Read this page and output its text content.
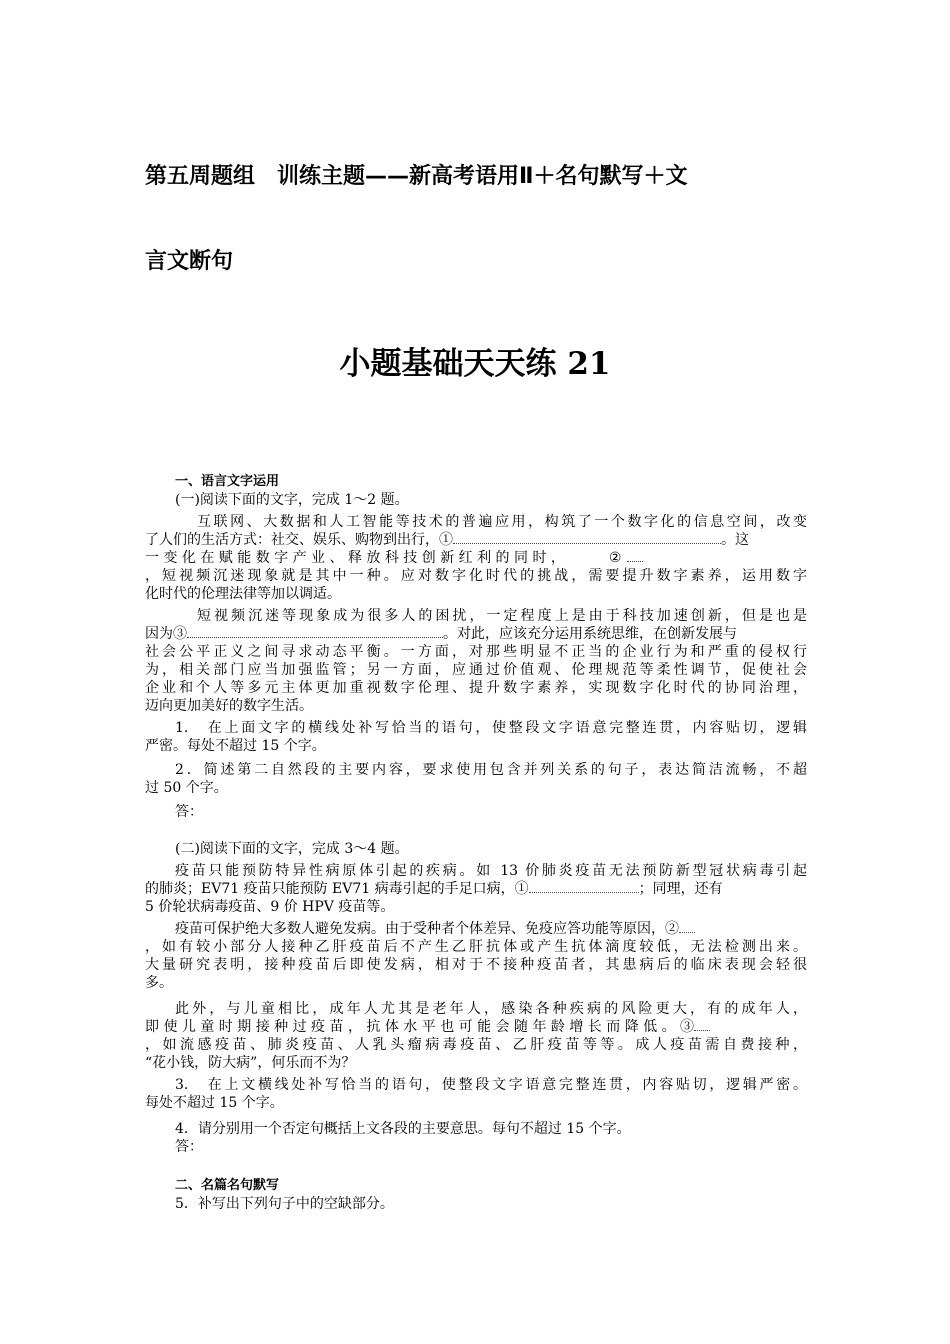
第五周题组　训练主题——新高考语用Ⅱ＋名句默写＋文
言文断句
小题基础天天练 21
一、语言文字运用
(一)阅读下面的文字，完成 1～2 题。
互联网、大数据和人工智能等技术的普遍应用，构筑了一个数字化的信息空间，改变
了人们的生活方式：社交、娱乐、购物到出行，①	。这
一 变 化 在 赋 能 数 字 产 业 、 释 放 科 技 创 新 红 利 的 同 时 ，	②
，短视频沉迷现象就是其中一种。应对数字化时代的挑战，需要提升数字素养，运用数字
化时代的伦理法律等加以调适。
短视频沉迷等现象成为很多人的困扰，一定程度上是由于科技加速创新，但是也是
因为③	。对此，应该充分运用系统思维，在创新发展与
社会公平正义之间寻求动态平衡。一方面，对那些明显不正当的企业行为和严重的侵权行
为，相关部门应当加强监管；另一方面，应通过价值观、伦理规范等柔性调节，促使社会
企业和个人等多元主体更加重视数字伦理、提升数字素养，实现数字化时代的协同治理，
迈向更加美好的数字生活。
1.　在上面文字的横线处补写恰当的语句，使整段文字语意完整连贯，内容贴切，逻辑
严密。每处不超过 15 个字。
2．简述第二自然段的主要内容，要求使用包含并列关系的句子，表达简洁流畅，不超
过 50 个字。
答：
(二)阅读下面的文字，完成 3～4 题。
疫苗只能预防特异性病原体引起的疾病。如 13 价肺炎疫苗无法预防新型冠状病毒引起
的肺炎；EV71 疫苗只能预防 EV71 病毒引起的手足口病，①	；同理，还有
5 价轮状病毒疫苗、9 价 HPV 疫苗等。
疫苗可保护绝大多数人避免发病。由于受种者个体差异、免疫应答功能等原因，②
，如有较小部分人接种乙肝疫苗后不产生乙肝抗体或产生抗体滴度较低，无法检测出来。
大量研究表明，接种疫苗后即使发病，相对于不接种疫苗者，其患病后的临床表现会轻很
多。
此外，与儿童相比，成年人尤其是老年人，感染各种疾病的风险更大，有的成年人，
即 使 儿 童 时 期 接 种 过 疫 苗 ， 抗 体 水 平 也 可 能 会 随 年 龄 增 长 而 降 低 。 ③
，如流感疫苗、肺炎疫苗、人乳头瘤病毒疫苗、乙肝疫苗等等。成人疫苗需自费接种，
“花小钱，防大病”，何乐而不为？
3.　在上文横线处补写恰当的语句，使整段文字语意完整连贯，内容贴切，逻辑严密。
每处不超过 15 个字。
4．请分别用一个否定句概括上文各段的主要意思。每句不超过 15 个字。
答：
二、名篇名句默写
5．补写出下列句子中的空缺部分。
